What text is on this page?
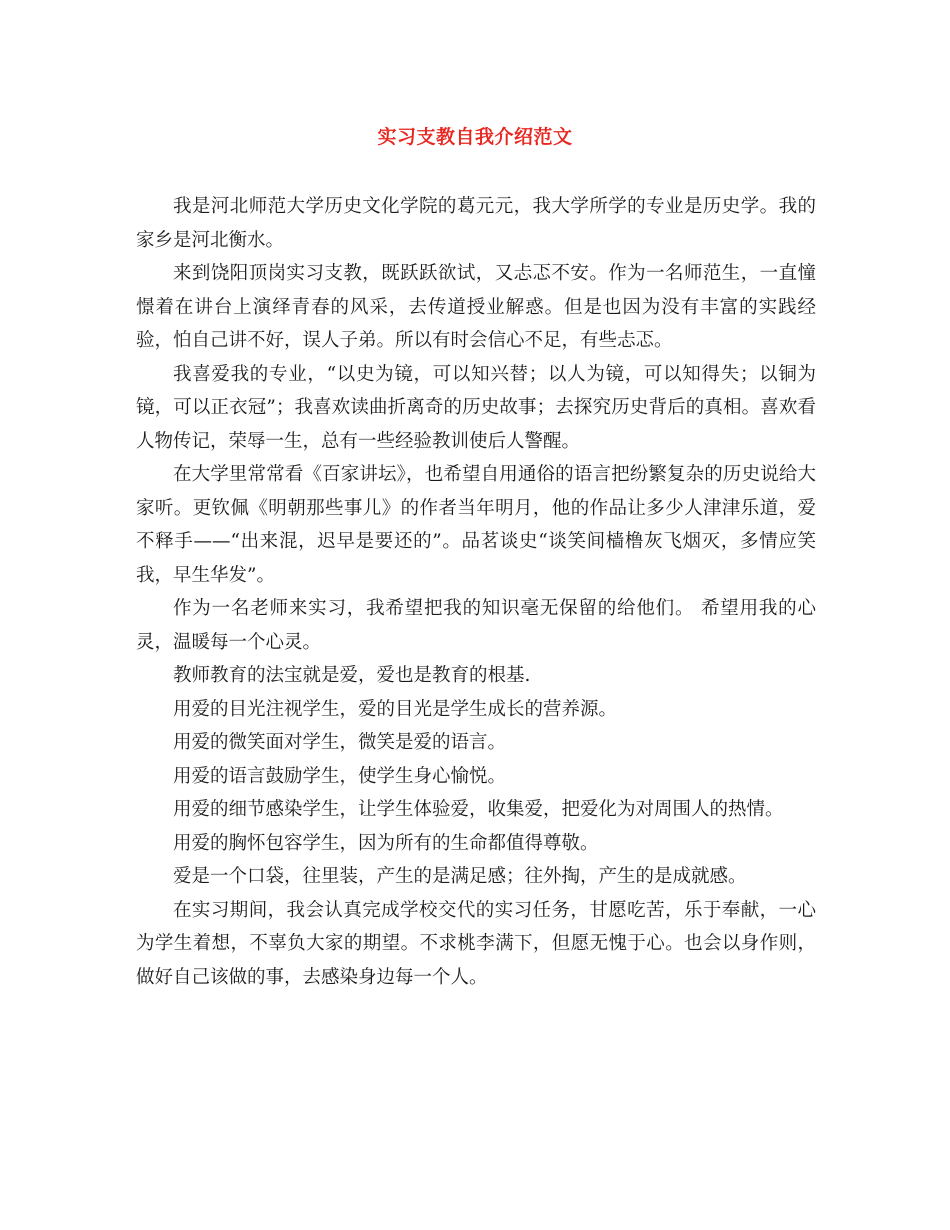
实习支教自我介绍范文

我是河北师范大学历史文化学院的葛元元，我大学所学的专业是历史学。我的家乡是河北衡水。

来到饶阳顶岗实习支教，既跃跃欲试，又忐忑不安。作为一名师范生，一直憧憬着在讲台上演绎青春的风采，去传道授业解惑。但是也因为没有丰富的实践经验，怕自己讲不好，误人子弟。所以有时会信心不足，有些忐忑。

我喜爱我的专业，“以史为镜，可以知兴替；以人为镜，可以知得失；以铜为镜，可以正衣冠”；我喜欢读曲折离奇的历史故事；去探究历史背后的真相。喜欢看人物传记，荣辱一生，总有一些经验教训使后人警醒。

在大学里常常看《百家讲坛》，也希望自用通俗的语言把纷繁复杂的历史说给大家听。更钦佩《明朝那些事儿》的作者当年明月，他的作品让多少人津津乐道，爱不释手——“出来混，迟早是要还的”。品茗谈史“谈笑间樯橹灰飞烟灭，多情应笑我，早生华发”。

作为一名老师来实习，我希望把我的知识毫无保留的给他们。 希望用我的心灵，温暖每一个心灵。

教师教育的法宝就是爱，爱也是教育的根基.

用爱的目光注视学生，爱的目光是学生成长的营养源。

用爱的微笑面对学生，微笑是爱的语言。

用爱的语言鼓励学生，使学生身心愉悦。

用爱的细节感染学生，让学生体验爱，收集爱，把爱化为对周围人的热情。

用爱的胸怀包容学生，因为所有的生命都值得尊敬。

爱是一个口袋，往里装，产生的是满足感；往外掏，产生的是成就感。

在实习期间，我会认真完成学校交代的实习任务，甘愿吃苦，乐于奉献，一心为学生着想，不辜负大家的期望。不求桃李满下，但愿无愧于心。也会以身作则，做好自己该做的事，去感染身边每一个人。
